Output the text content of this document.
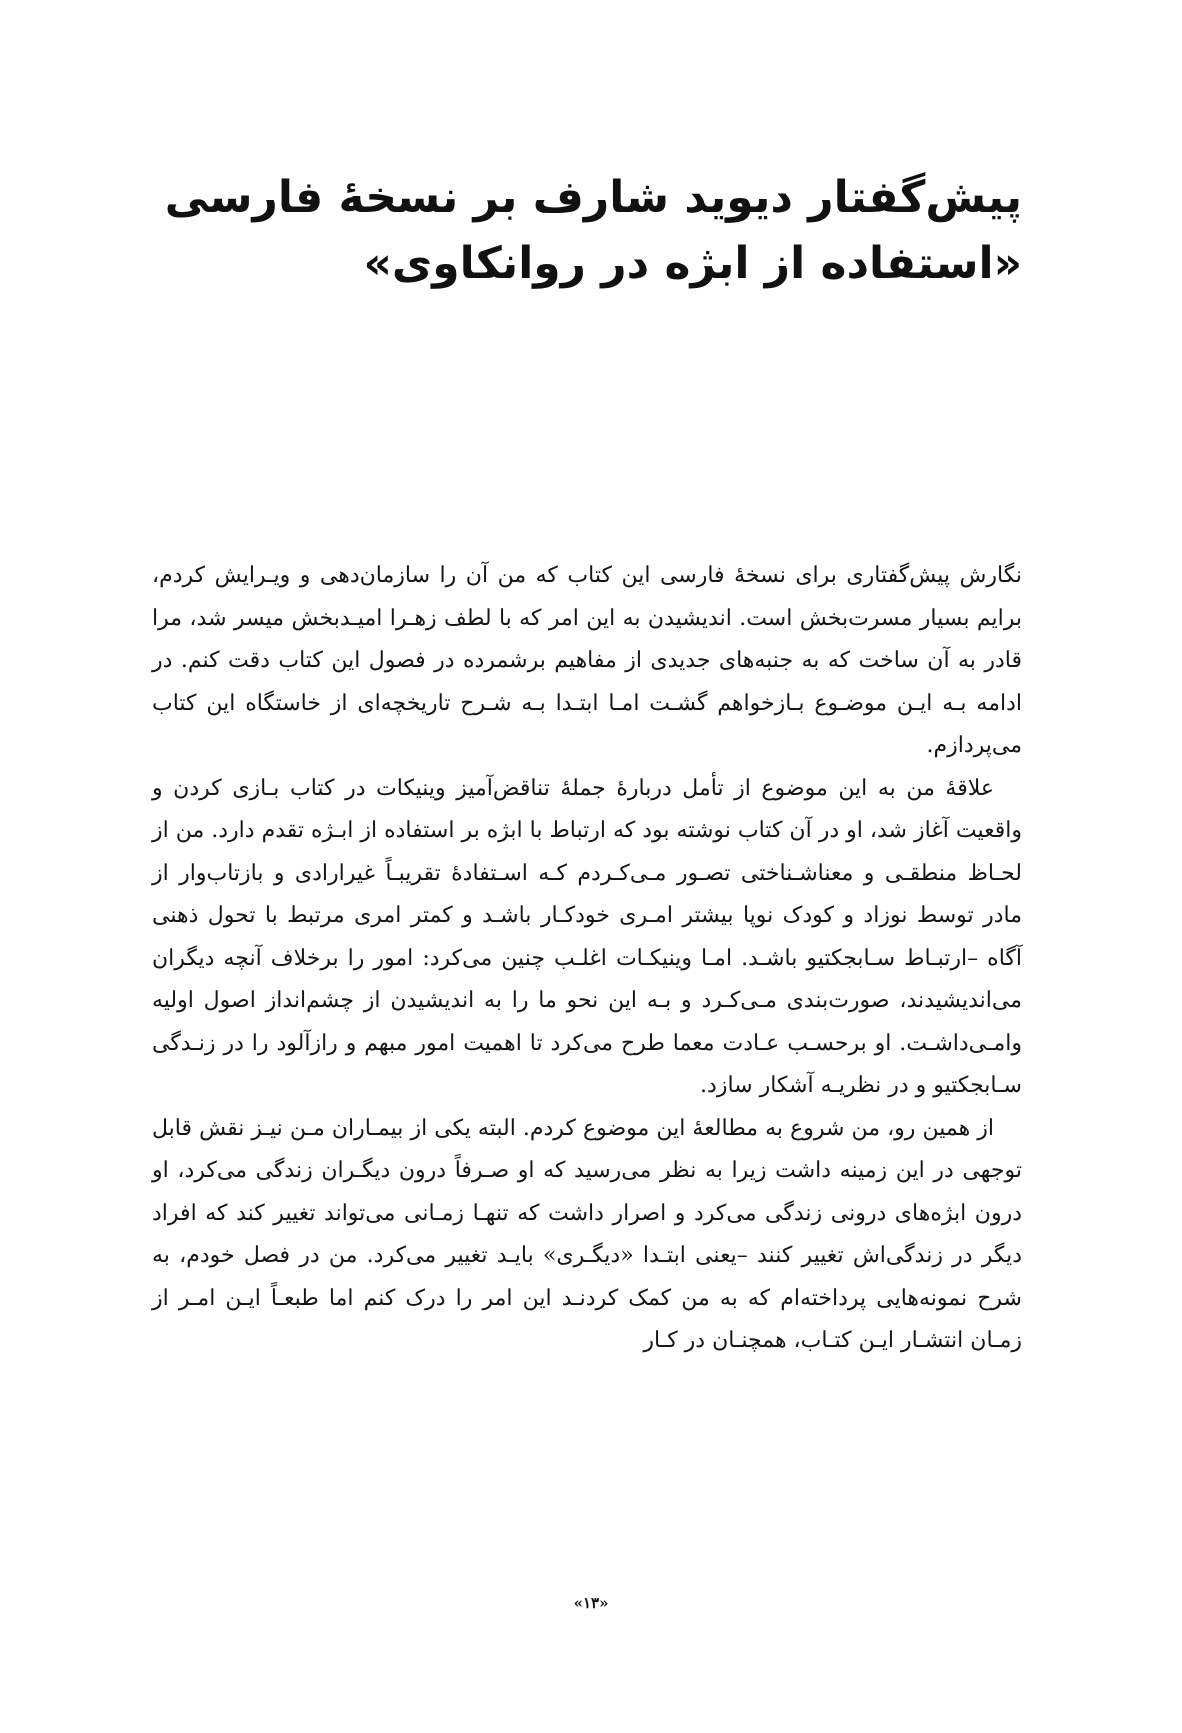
پیش‌گفتار دیوید شارف بر نسخهٔ فارسی
«استفاده از ابژه در روانکاوی»

نگارش پیش‌گفتاری برای نسخهٔ فارسی این کتاب که من آن را سازمان‌دهی و ویـرایش کردم، برایم بسیار مسرت‌بخش است. اندیشیدن به این امر که با لطف زهـرا امیـدبخش میسر شد، مرا قادر به آن ساخت که به جنبه‌های جدیدی از مفاهیم برشمرده در فصول این کتاب دقت کنم. در ادامه بـه ایـن موضـوع بـازخواهم گشـت امـا ابتـدا بـه شـرح تاریخچه‌ای از خاستگاه این کتاب می‌پردازم.

علاقهٔ من به این موضوع از تأمل دربارهٔ جملهٔ تناقض‌آمیز وینیکات در کتاب بـازی کردن و واقعیت آغاز شد، او در آن کتاب نوشته بود که ارتباط با ابژه بر استفاده از ابـژه تقدم دارد. من از لحـاظ منطقـی و معناشـناختی تصـور مـی‌کـردم کـه اسـتفادهٔ تقریبـاً غیرارادی و بازتاب‌وار از مادر توسط نوزاد و کودک نوپا بیشتر امـری خودکـار باشـد و کمتر امری مرتبط با تحول ذهنی آگاه –ارتبـاط سـابجکتیو باشـد. امـا وینیکـات اغلـب چنین می‌کرد: امور را برخلاف آنچه دیگران می‌اندیشیدند، صورت‌بندی مـی‌کـرد و بـه این نحو ما را به اندیشیدن از چشم‌انداز اصول اولیه وامـی‌داشـت. او برحسـب عـادت معما طرح می‌کرد تا اهمیت امور مبهم و رازآلود را در زنـدگی سـابجکتیو و در نظریـه آشکار سازد.

از همین رو، من شروع به مطالعهٔ این موضوع کردم. البته یکی از بیمـاران مـن نیـز نقش قابل توجهی در این زمینه داشت زیرا به نظر می‌رسید که او صـرفاً درون دیگـران زندگی می‌کرد، او درون ابژه‌های درونی زندگی می‌کرد و اصرار داشت که تنهـا زمـانی می‌تواند تغییر کند که افراد دیگر در زندگی‌اش تغییر کنند –یعنی ابتـدا «دیگـری» بایـد تغییر می‌کرد. من در فصل خودم، به شرح نمونه‌هایی پرداخته‌ام که به من کمک کردنـد این امر را درک کنم اما طبعـاً ایـن امـر از زمـان انتشـار ایـن کتـاب، همچنـان در کـار

«۱۳»
